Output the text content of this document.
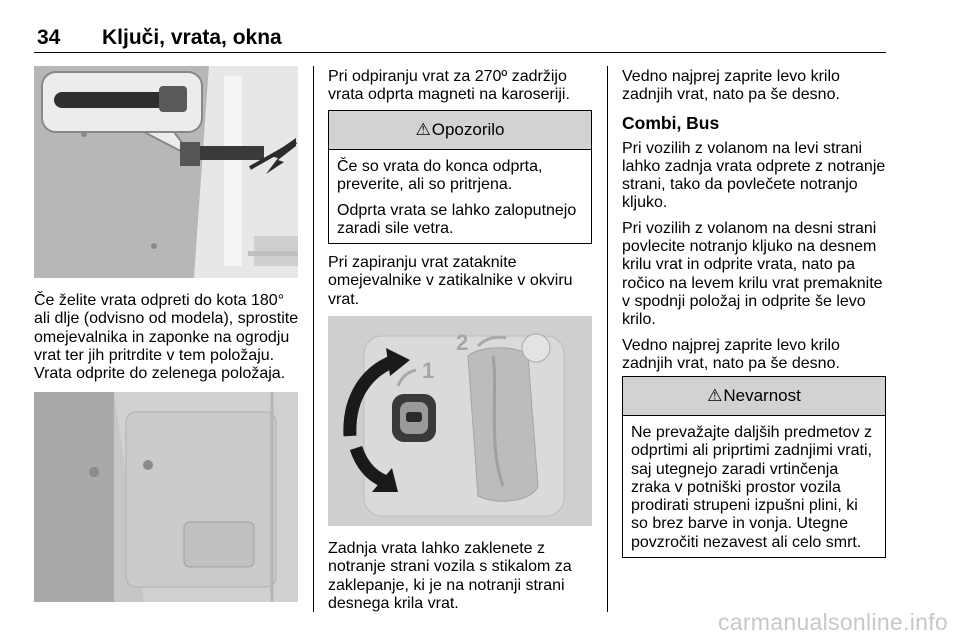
34 Ključi, vrata, okna

Če želite vrata odpreti do kota 180° ali dlje (odvisno od modela), sprostite omejevalnika in zaponke na ogrodju vrat ter jih pritrdite v tem položaju. Vrata odprite do zelenega položaja.

Pri odpiranju vrat za 270º zadržijo vrata odprta magneti na karoseriji.

⚠Opozorilo

Če so vrata do konca odprta, preverite, ali so pritrjena.

Odprta vrata se lahko zaloputnejo zaradi sile vetra.

Pri zapiranju vrat zataknite omejevalnike v zatikalnike v okviru vrat.

1
2

Zadnja vrata lahko zaklenete z notranje strani vozila s stikalom za zaklepanje, ki je na notranji strani desnega krila vrat.

Vedno najprej zaprite levo krilo zadnjih vrat, nato pa še desno.

Combi, Bus

Pri vozilih z volanom na levi strani lahko zadnja vrata odprete z notranje strani, tako da povlečete notranjo kljuko.

Pri vozilih z volanom na desni strani povlecite notranjo kljuko na desnem krilu vrat in odprite vrata, nato pa ročico na levem krilu vrat premaknite v spodnji položaj in odprite še levo krilo.

Vedno najprej zaprite levo krilo zadnjih vrat, nato pa še desno.

⚠Nevarnost

Ne prevažajte daljših predmetov z odprtimi ali priprtimi zadnjimi vrati, saj utegnejo zaradi vrtinčenja zraka v potniški prostor vozila prodirati strupeni izpušni plini, ki so brez barve in vonja. Utegne povzročiti nezavest ali celo smrt.

carmanualsonline.info
